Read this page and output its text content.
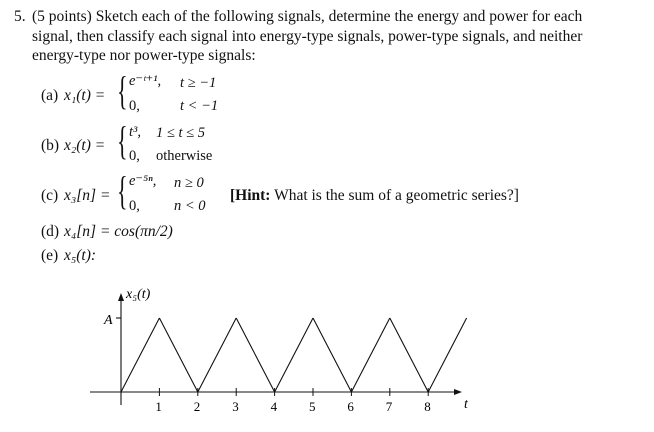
5. (5 points) Sketch each of the following signals, determine the energy and power for each
signal, then classify each signal into energy-type signals, power-type signals, and neither
energy-type nor power-type signals:
(a) x₁(t) = { e⁻ᵗ⁺¹, t ≥ −1
0,	t < −1
(b) x₂(t) = { t³, 1 ≤ t ≤ 5
0, otherwise
(c) x₃[n] = { e⁻⁵ⁿ, n ≥ 0
0, n < 0
[Hint: What is the sum of a geometric series?]
(d) x₄[n] = cos(πn/2)
(e) x₅(t):
A
x₅(t)
t
1 2 3 4 5 6 7 8
